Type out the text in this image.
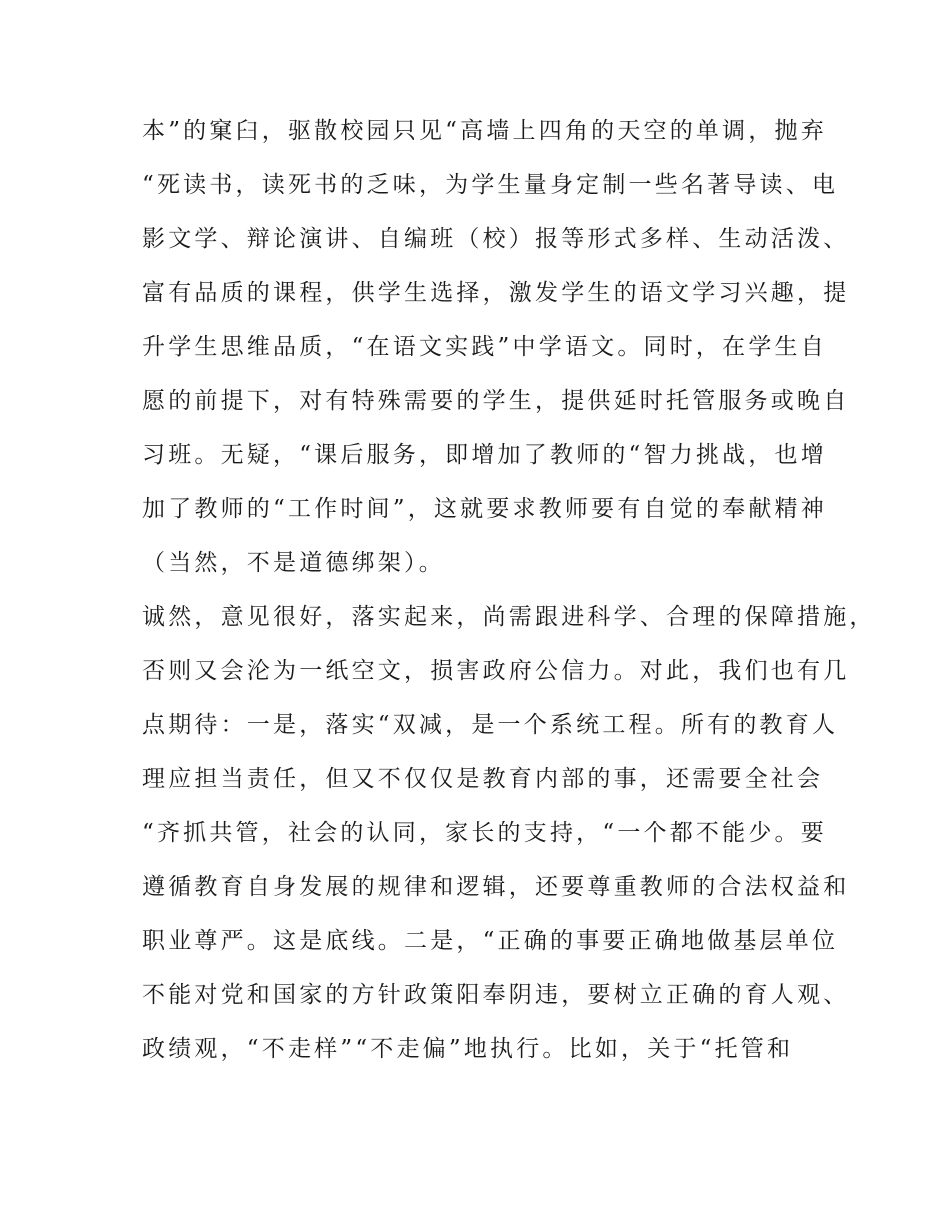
本”的窠臼，驱散校园只见“高墙上四角的天空的单调，抛弃
“死读书，读死书的乏味，为学生量身定制一些名著导读、电
影文学、辩论演讲、自编班（校）报等形式多样、生动活泼、
富有品质的课程，供学生选择，激发学生的语文学习兴趣，提
升学生思维品质，“在语文实践”中学语文。同时，在学生自
愿的前提下，对有特殊需要的学生，提供延时托管服务或晚自
习班。无疑，“课后服务，即增加了教师的“智力挑战，也增
加了教师的“工作时间”，这就要求教师要有自觉的奉献精神
（当然，不是道德绑架）。
诚然，意见很好，落实起来，尚需跟进科学、合理的保障措施，
否则又会沦为一纸空文，损害政府公信力。对此，我们也有几
点期待：一是，落实“双减，是一个系统工程。所有的教育人
理应担当责任，但又不仅仅是教育内部的事，还需要全社会
“齐抓共管，社会的认同，家长的支持，“一个都不能少。要
遵循教育自身发展的规律和逻辑，还要尊重教师的合法权益和
职业尊严。这是底线。二是，“正确的事要正确地做基层单位
不能对党和国家的方针政策阳奉阴违，要树立正确的育人观、
政绩观，“不走样”“不走偏”地执行。比如，关于“托管和
